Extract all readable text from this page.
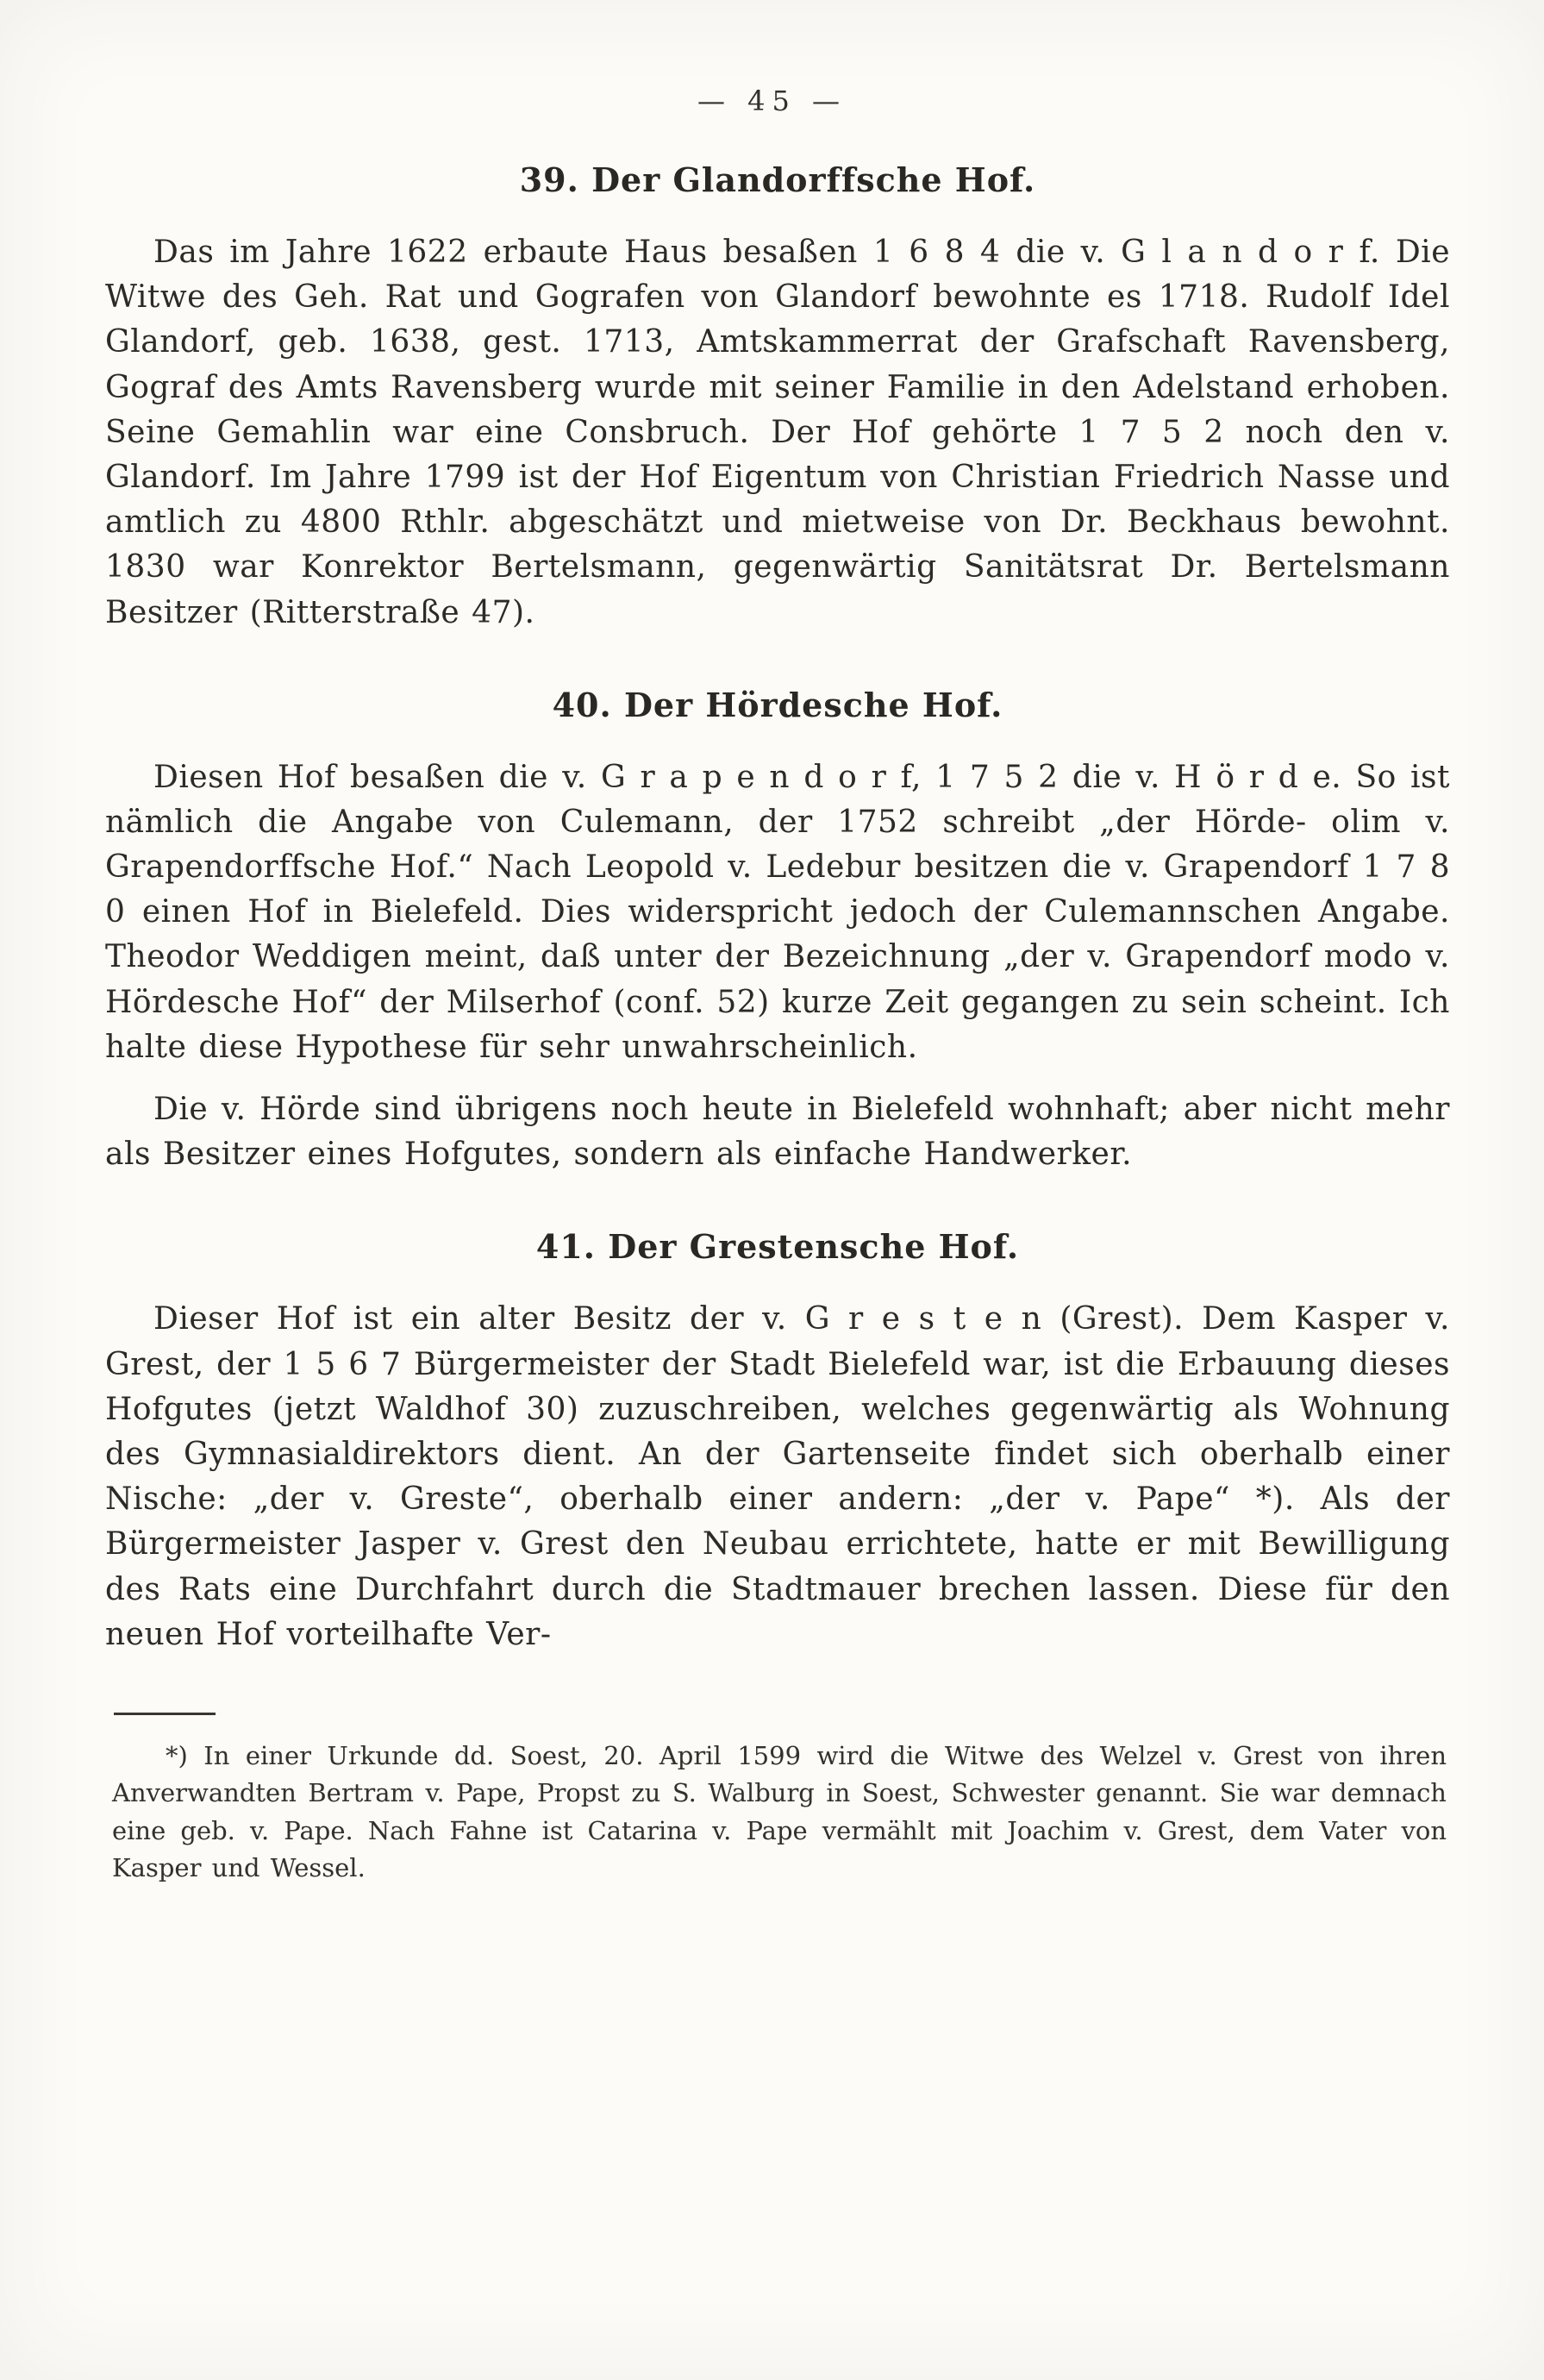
— 45 —
39. Der Glandorffsche Hof.

Das im Jahre 1622 erbaute Haus besaßen 1 6 8 4 die v. G l a n d o r f. Die Witwe des Geh. Rat und Gografen von Glandorf bewohnte es 1718. Rudolf Idel Glandorf, geb. 1638, gest. 1713, Amtskammerrat der Grafschaft Ravensberg, Gograf des Amts Ravensberg wurde mit seiner Familie in den Adelstand erhoben. Seine Gemahlin war eine Consbruch. Der Hof gehörte 1 7 5 2 noch den v. Glandorf. Im Jahre 1799 ist der Hof Eigentum von Christian Friedrich Nasse und amtlich zu 4800 Rthlr. abgeschätzt und mietweise von Dr. Beckhaus bewohnt. 1830 war Konrektor Bertelsmann, gegenwärtig Sanitätsrat Dr. Bertelsmann Besitzer (Ritterstraße 47).

40. Der Hördesche Hof.

Diesen Hof besaßen die v. G r a p e n d o r f, 1 7 5 2 die v. H ö r d e. So ist nämlich die Angabe von Culemann, der 1752 schreibt „der Hörde- olim v. Grapendorffsche Hof.“ Nach Leopold v. Ledebur besitzen die v. Grapendorf 1 7 8 0 einen Hof in Bielefeld. Dies widerspricht jedoch der Culemannschen Angabe. Theodor Weddigen meint, daß unter der Bezeichnung „der v. Grapendorf modo v. Hördesche Hof“ der Milserhof (conf. 52) kurze Zeit gegangen zu sein scheint. Ich halte diese Hypothese für sehr unwahrscheinlich.

Die v. Hörde sind übrigens noch heute in Bielefeld wohnhaft; aber nicht mehr als Besitzer eines Hofgutes, sondern als einfache Handwerker.

41. Der Grestensche Hof.

Dieser Hof ist ein alter Besitz der v. G r e s t e n (Grest). Dem Kasper v. Grest, der 1 5 6 7 Bürgermeister der Stadt Bielefeld war, ist die Erbauung dieses Hofgutes (jetzt Waldhof 30) zuzuschreiben, welches gegenwärtig als Wohnung des Gymnasialdirektors dient. An der Gartenseite findet sich oberhalb einer Nische: „der v. Greste“, oberhalb einer andern: „der v. Pape“ *). Als der Bürgermeister Jasper v. Grest den Neubau errichtete, hatte er mit Bewilligung des Rats eine Durchfahrt durch die Stadtmauer brechen lassen. Diese für den neuen Hof vorteilhafte Ver-

*) In einer Urkunde dd. Soest, 20. April 1599 wird die Witwe des Welzel v. Grest von ihren Anverwandten Bertram v. Pape, Propst zu S. Walburg in Soest, Schwester genannt. Sie war demnach eine geb. v. Pape. Nach Fahne ist Catarina v. Pape vermählt mit Joachim v. Grest, dem Vater von Kasper und Wessel.
